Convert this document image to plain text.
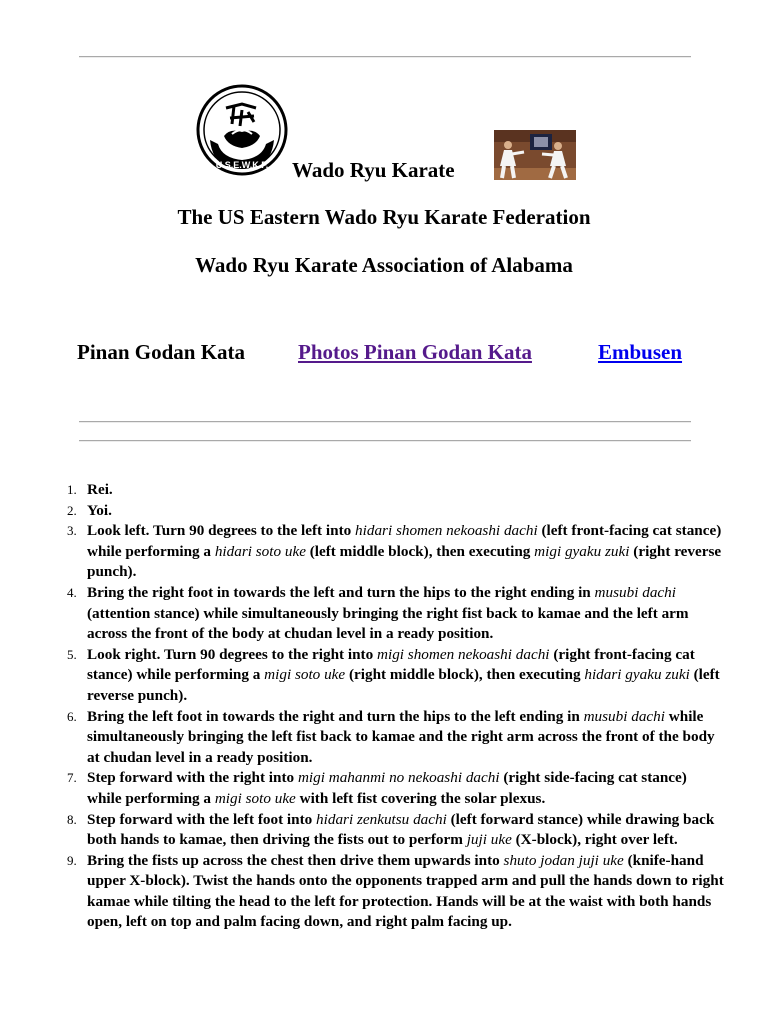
U.S.E.W.K.F. Wado Ryu Karate
The US Eastern Wado Ryu Karate Federation
Wado Ryu Karate Association of Alabama
Pinan Godan Kata	Photos Pinan Godan Kata	Embusen
1. Rei.
2. Yoi.
3. Look left. Turn 90 degrees to the left into hidari shomen nekoashi dachi (left front-facing cat stance) while performing a hidari soto uke (left middle block), then executing migi gyaku zuki (right reverse punch).
4. Bring the right foot in towards the left and turn the hips to the right ending in musubi dachi (attention stance) while simultaneously bringing the right fist back to kamae and the left arm across the front of the body at chudan level in a ready position.
5. Look right. Turn 90 degrees to the right into migi shomen nekoashi dachi (right front-facing cat stance) while performing a migi soto uke (right middle block), then executing hidari gyaku zuki (left reverse punch).
6. Bring the left foot in towards the right and turn the hips to the left ending in musubi dachi while simultaneously bringing the left fist back to kamae and the right arm across the front of the body at chudan level in a ready position.
7. Step forward with the right into migi mahanmi no nekoashi dachi (right side-facing cat stance) while performing a migi soto uke with left fist covering the solar plexus.
8. Step forward with the left foot into hidari zenkutsu dachi (left forward stance) while drawing back both hands to kamae, then driving the fists out to perform juji uke (X-block), right over left.
9. Bring the fists up across the chest then drive them upwards into shuto jodan juji uke (knife-hand upper X-block). Twist the hands onto the opponents trapped arm and pull the hands down to right kamae while tilting the head to the left for protection. Hands will be at the waist with both hands open, left on top and palm facing down, and right palm facing up.
